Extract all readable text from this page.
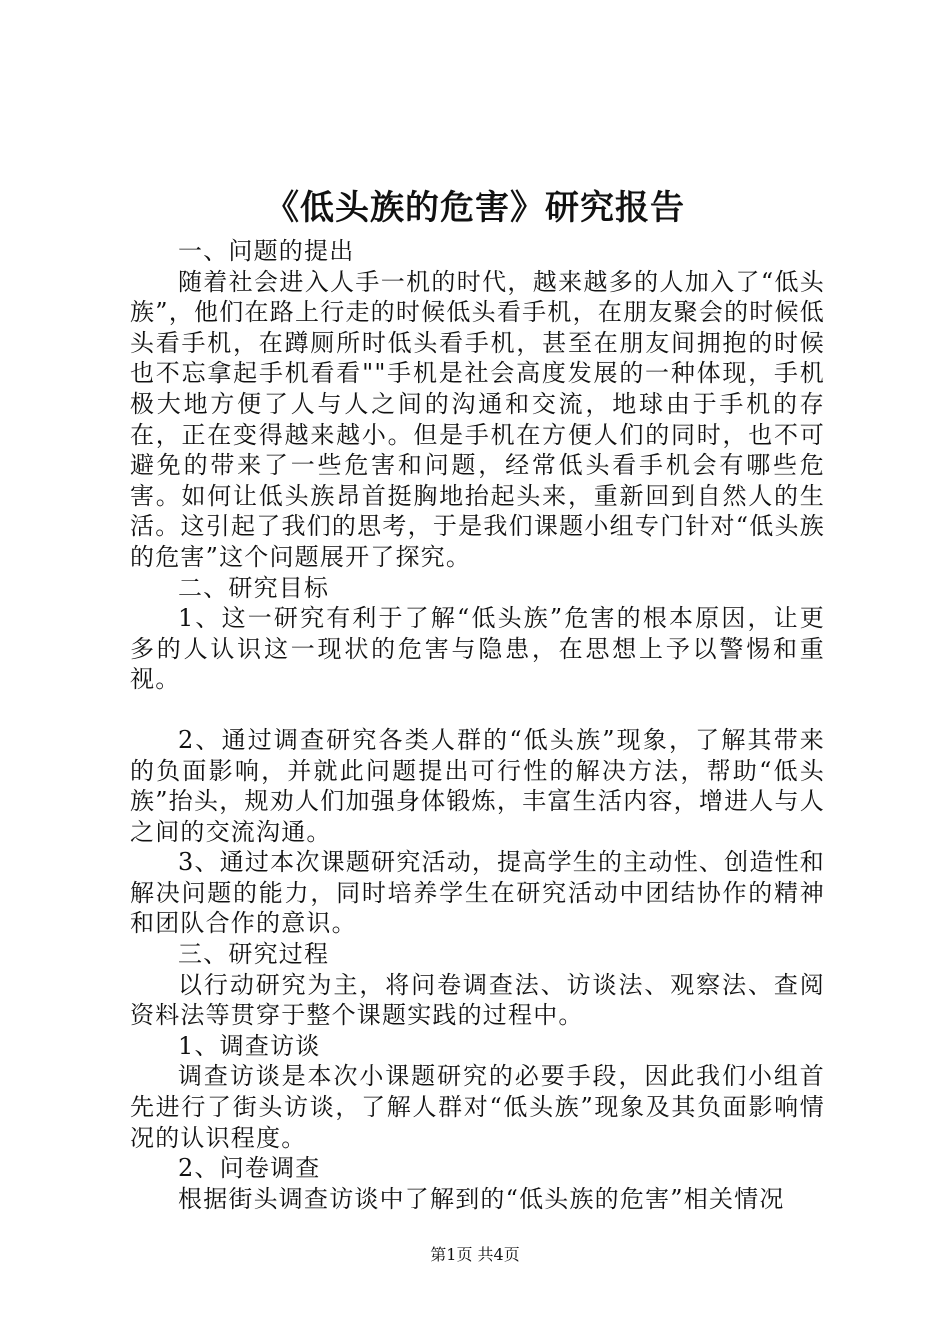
《低头族的危害》研究报告

一、问题的提出

随着社会进入人手一机的时代，越来越多的人加入了“低头族”，他们在路上行走的时候低头看手机，在朋友聚会的时候低头看手机，在蹲厕所时低头看手机，甚至在朋友间拥抱的时候也不忘拿起手机看看""手机是社会高度发展的一种体现，手机极大地方便了人与人之间的沟通和交流，地球由于手机的存在，正在变得越来越小。但是手机在方便人们的同时，也不可避免的带来了一些危害和问题，经常低头看手机会有哪些危害。如何让低头族昂首挺胸地抬起头来，重新回到自然人的生活。这引起了我们的思考，于是我们课题小组专门针对“低头族的危害”这个问题展开了探究。

二、研究目标

1、这一研究有利于了解“低头族”危害的根本原因，让更多的人认识这一现状的危害与隐患，在思想上予以警惕和重视。

2、通过调查研究各类人群的“低头族”现象，了解其带来的负面影响，并就此问题提出可行性的解决方法，帮助“低头族”抬头，规劝人们加强身体锻炼，丰富生活内容，增进人与人之间的交流沟通。

3、通过本次课题研究活动，提高学生的主动性、创造性和解决问题的能力，同时培养学生在研究活动中团结协作的精神和团队合作的意识。

三、研究过程

以行动研究为主，将问卷调查法、访谈法、观察法、查阅资料法等贯穿于整个课题实践的过程中。

1、调查访谈

调查访谈是本次小课题研究的必要手段，因此我们小组首先进行了街头访谈，了解人群对“低头族”现象及其负面影响情况的认识程度。

2、问卷调查

根据街头调查访谈中了解到的“低头族的危害”相关情况

第1页 共4页
